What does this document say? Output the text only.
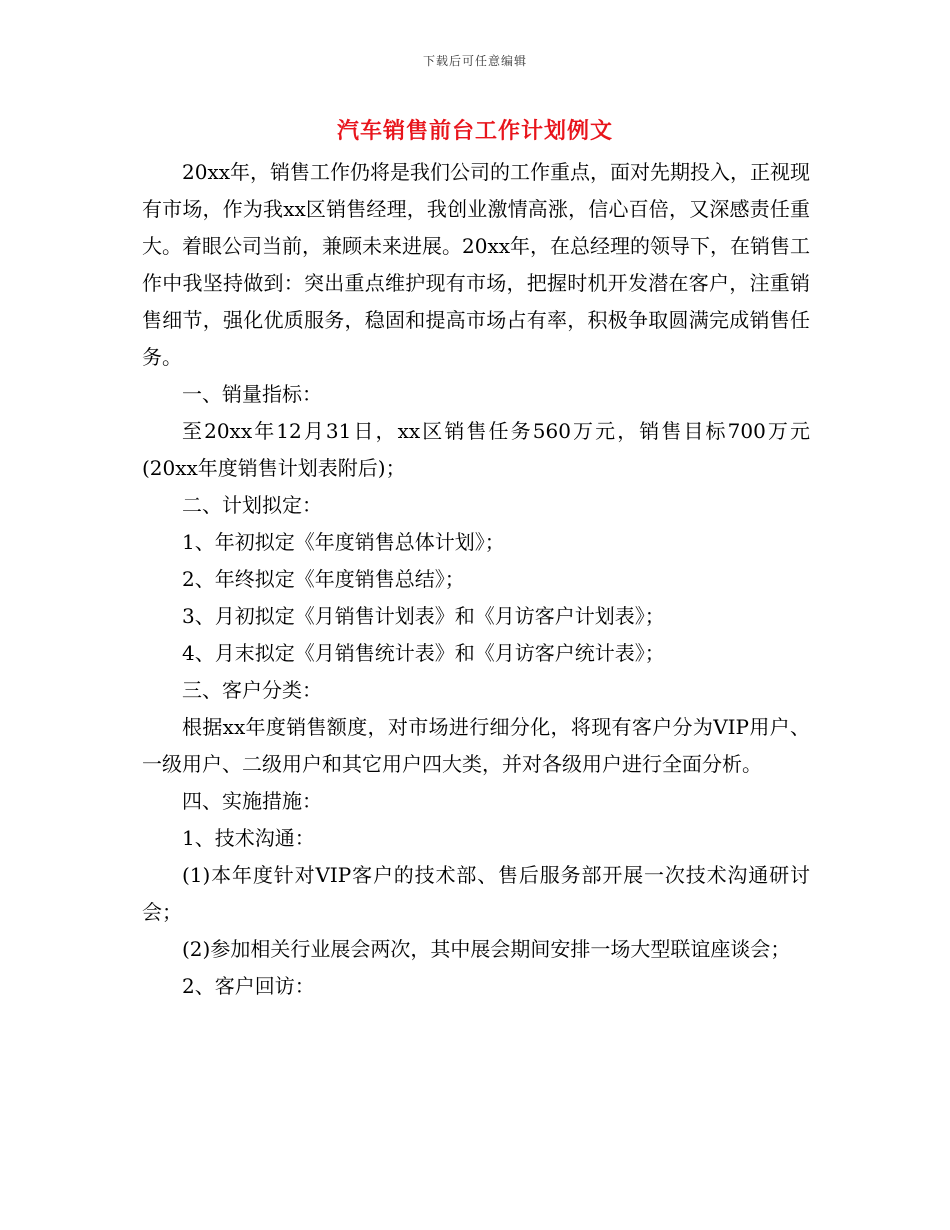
下载后可任意编辑
汽车销售前台工作计划例文

20xx年，销售工作仍将是我们公司的工作重点，面对先期投入，正视现有市场，作为我xx区销售经理，我创业激情高涨，信心百倍，又深感责任重大。着眼公司当前，兼顾未来进展。20xx年，在总经理的领导下，在销售工作中我坚持做到：突出重点维护现有市场，把握时机开发潜在客户，注重销售细节，强化优质服务，稳固和提高市场占有率，积极争取圆满完成销售任务。

一、销量指标：

至20xx年12月31日，xx区销售任务560万元，销售目标700万元(20xx年度销售计划表附后)；

二、计划拟定：

1、年初拟定《年度销售总体计划》；

2、年终拟定《年度销售总结》；

3、月初拟定《月销售计划表》和《月访客户计划表》；

4、月末拟定《月销售统计表》和《月访客户统计表》；

三、客户分类：

根据xx年度销售额度，对市场进行细分化，将现有客户分为VIP用户、一级用户、二级用户和其它用户四大类，并对各级用户进行全面分析。

四、实施措施：

1、技术沟通：

(1)本年度针对VIP客户的技术部、售后服务部开展一次技术沟通研讨会；

(2)参加相关行业展会两次，其中展会期间安排一场大型联谊座谈会；

2、客户回访：
